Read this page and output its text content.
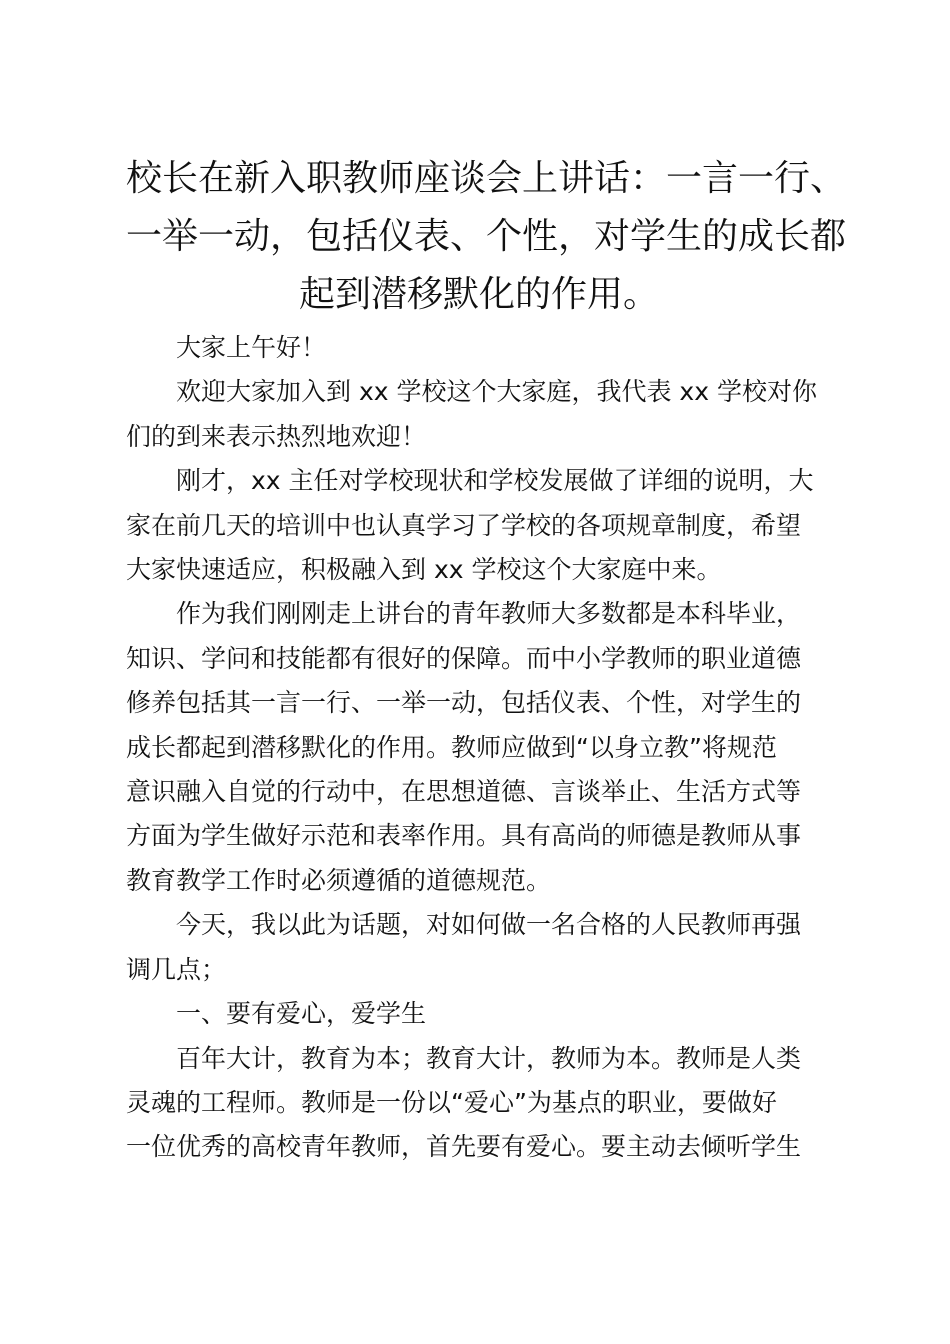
校长在新入职教师座谈会上讲话：一言一行、
一举一动，包括仪表、个性，对学生的成长都
起到潜移默化的作用。

大家上午好！

欢迎大家加入到 xx 学校这个大家庭，我代表 xx 学校对你
们的到来表示热烈地欢迎！

刚才，xx 主任对学校现状和学校发展做了详细的说明，大
家在前几天的培训中也认真学习了学校的各项规章制度，希望
大家快速适应，积极融入到 xx 学校这个大家庭中来。

作为我们刚刚走上讲台的青年教师大多数都是本科毕业，
知识、学问和技能都有很好的保障。而中小学教师的职业道德
修养包括其一言一行、一举一动，包括仪表、个性，对学生的
成长都起到潜移默化的作用。教师应做到“以身立教”将规范
意识融入自觉的行动中，在思想道德、言谈举止、生活方式等
方面为学生做好示范和表率作用。具有高尚的师德是教师从事
教育教学工作时必须遵循的道德规范。

今天，我以此为话题，对如何做一名合格的人民教师再强
调几点；

一、要有爱心，爱学生

百年大计，教育为本；教育大计，教师为本。教师是人类
灵魂的工程师。教师是一份以“爱心”为基点的职业，要做好
一位优秀的高校青年教师，首先要有爱心。要主动去倾听学生
